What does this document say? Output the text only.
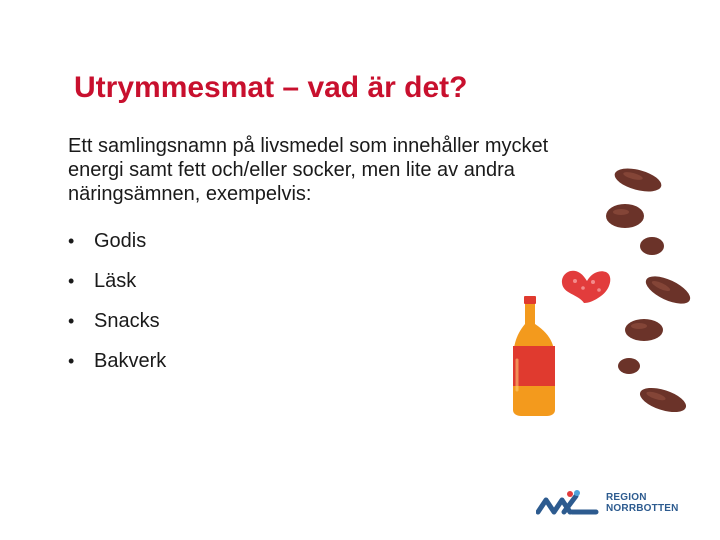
Utrymmesmat – vad är det?

Ett samlingsnamn på livsmedel som innehåller mycket energi samt fett och/eller socker, men lite av andra näringsämnen, exempelvis:

• Godis
• Läsk
• Snacks
• Bakverk
REGION
NORRBOTTEN
